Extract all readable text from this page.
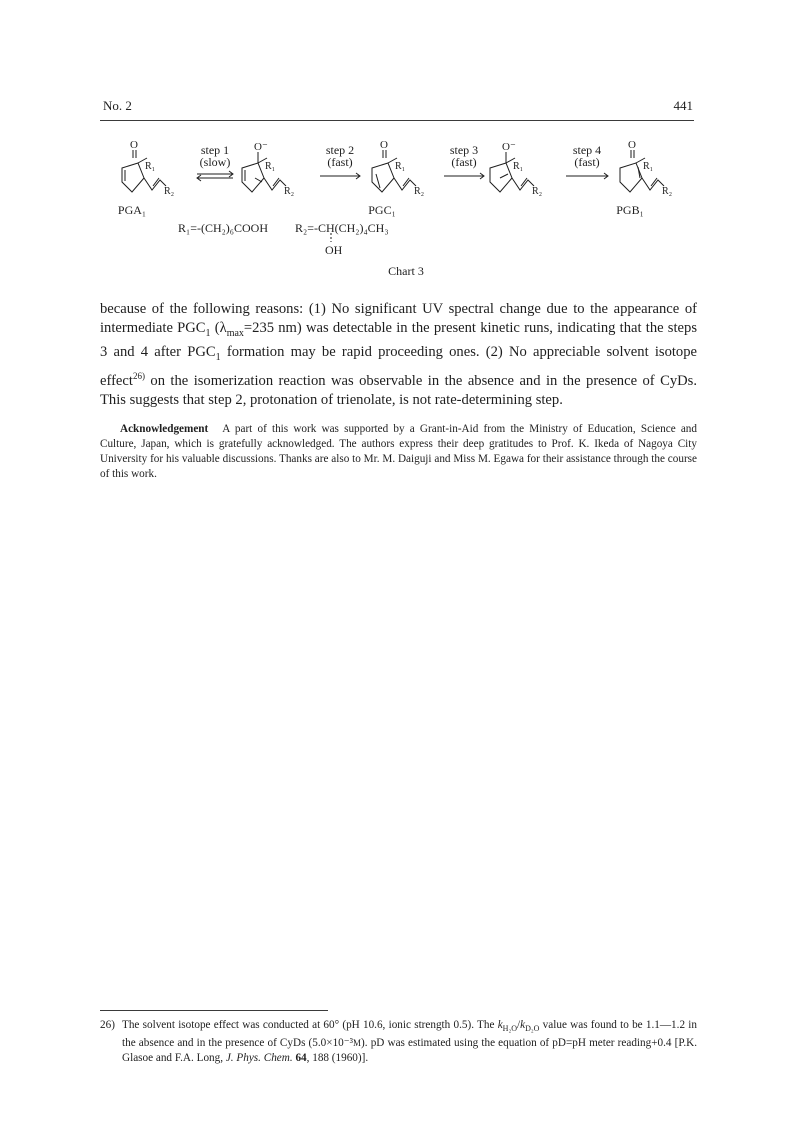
No. 2	441
O	O⁻	O	O⁻	O
R₁
R₂
R₁
R₂
R₁
R₂
R₁
R₂
R₁
R₂
step 1
(slow)
step 2
(fast)
step 3
(fast)
step 4
(fast)
PGA₁	PGC₁	PGB₁
R₁=-(CH₂)₆COOH R₂=-CH(CH₂)₄CH₃
OH
Chart 3
because of the following reasons: (1) No significant UV spectral change due to the appearance of intermediate $PGC_1$ ($\lambda_{max}=235$ nm) was detectable in the present kinetic runs, indicating that the steps 3 and 4 after $PGC_1$ formation may be rapid proceeding ones. (2) No appreciable solvent isotope effect$^{26)}$ on the isomerization reaction was observable in the absence and in the presence of CyDs. This suggests that step 2, protonation of trienolate, is not rate-determining step.
Acknowledgement A part of this work was supported by a Grant-in-Aid from the Ministry of Education, Science and Culture, Japan, which is gratefully acknowledged. The authors express their deep gratitudes to Prof. K. Ikeda of Nagoya City University for his valuable discussions. Thanks are also to Mr. M. Daiguji and Miss M. Egawa for their assistance through the course of this work.
26) The solvent isotope effect was conducted at 60° (pH 10.6, ionic strength 0.5). The $k_{H_2O}/k_{D_2O}$ value was found to be 1.1—1.2 in the absence and in the presence of CyDs (5.0×10⁻³M). pD was estimated using the equation of pD=pH meter reading+0.4 [P.K. Glasoe and F.A. Long, J. Phys. Chem. 64, 188 (1960)].
